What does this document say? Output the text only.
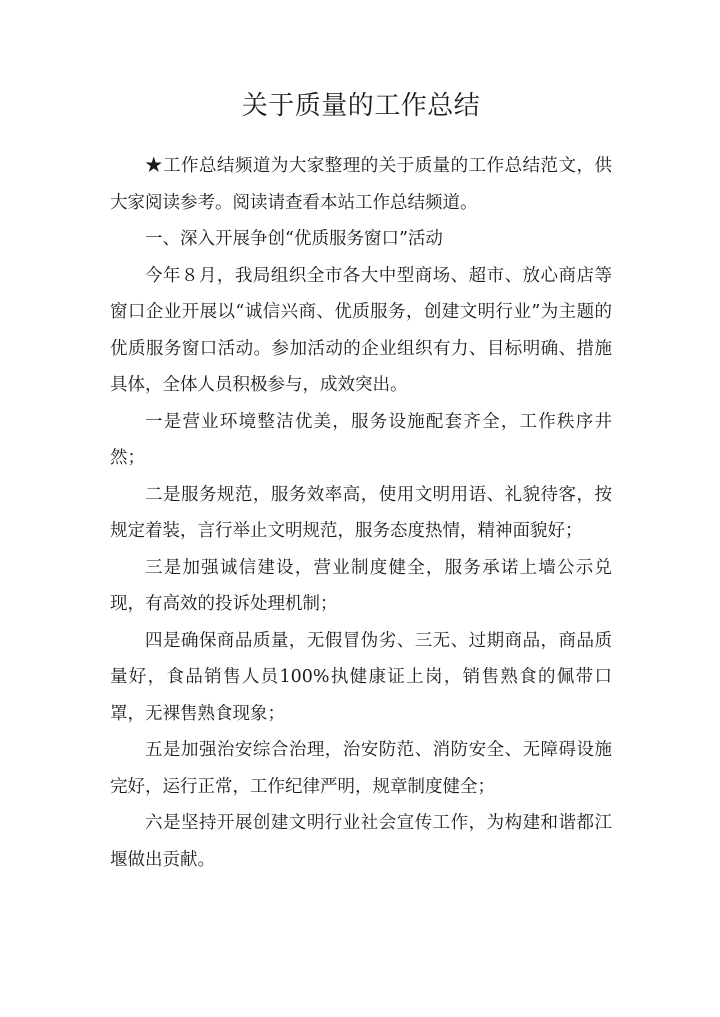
关于质量的工作总结

★工作总结频道为大家整理的关于质量的工作总结范文，供大家阅读参考。阅读请查看本站工作总结频道。

一、深入开展争创“优质服务窗口”活动

今年８月，我局组织全市各大中型商场、超市、放心商店等窗口企业开展以“诚信兴商、优质服务，创建文明行业”为主题的优质服务窗口活动。参加活动的企业组织有力、目标明确、措施具体，全体人员积极参与，成效突出。

一是营业环境整洁优美，服务设施配套齐全，工作秩序井然；

二是服务规范，服务效率高，使用文明用语、礼貌待客，按规定着装，言行举止文明规范，服务态度热情，精神面貌好；

三是加强诚信建设，营业制度健全，服务承诺上墙公示兑现，有高效的投诉处理机制；

四是确保商品质量，无假冒伪劣、三无、过期商品，商品质量好，食品销售人员100%执健康证上岗，销售熟食的佩带口罩，无裸售熟食现象；

五是加强治安综合治理，治安防范、消防安全、无障碍设施完好，运行正常，工作纪律严明，规章制度健全；

六是坚持开展创建文明行业社会宣传工作，为构建和谐都江堰做出贡献。
